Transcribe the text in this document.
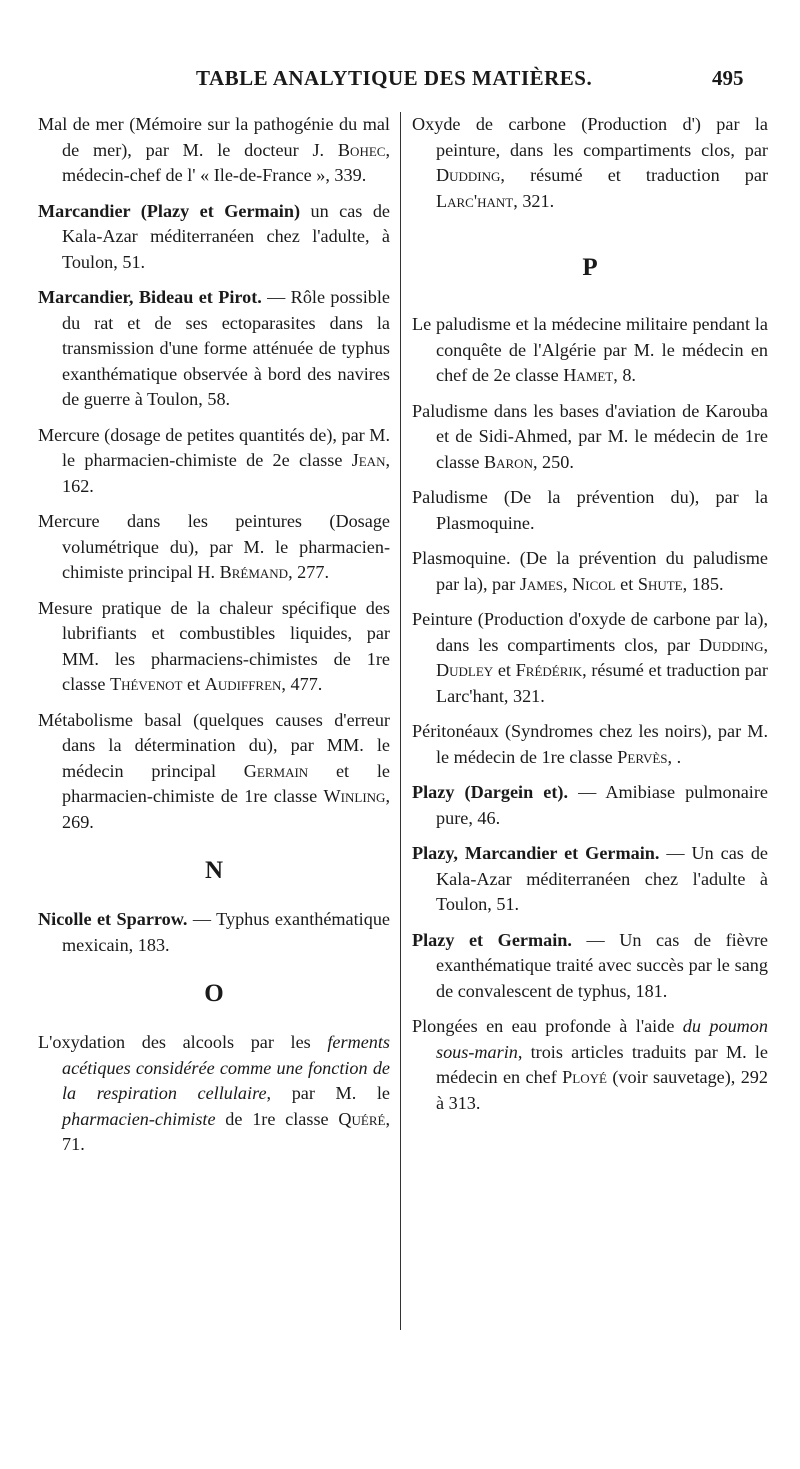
TABLE ANALYTIQUE DES MATIÈRES.	495

Mal de mer (Mémoire sur la pathogénie du mal de mer), par M. le docteur J. Bohec, médecin-chef de l' « Ile-de-France », 339.

Marcandier (Plazy et Germain) un cas de Kala-Azar méditerranéen chez l'adulte, à Toulon, 51.

Marcandier, Bideau et Pirot. — Rôle possible du rat et de ses ectoparasites dans la transmission d'une forme atténuée de typhus exanthématique observée à bord des navires de guerre à Toulon, 58.

Mercure (dosage de petites quantités de), par M. le pharmacien-chimiste de 2e classe Jean, 162.

Mercure dans les peintures (Dosage volumétrique du), par M. le pharmacien-chimiste principal H. Brémand, 277.

Mesure pratique de la chaleur spécifique des lubrifiants et combustibles liquides, par MM. les pharmaciens-chimistes de 1re classe Thévenot et Audiffren, 477.

Métabolisme basal (quelques causes d'erreur dans la détermination du), par MM. le médecin principal Germain et le pharmacien-chimiste de 1re classe Winling, 269.

N

Nicolle et Sparrow. — Typhus exanthématique mexicain, 183.

O

L'oxydation des alcools par les ferments acétiques considérée comme une fonction de la respiration cellulaire, par M. le pharmacien-chimiste de 1re classe Quéré, 71.

Oxyde de carbone (Production d') par la peinture, dans les compartiments clos, par Dudding, résumé et traduction par Larc'hant, 321.

P

Le paludisme et la médecine militaire pendant la conquête de l'Algérie par M. le médecin en chef de 2e classe Hamet, 8.

Paludisme dans les bases d'aviation de Karouba et de Sidi-Ahmed, par M. le médecin de 1re classe Baron, 250.

Paludisme (De la prévention du), par la Plasmoquine.

Plasmoquine. (De la prévention du paludisme par la), par James, Nicol et Shute, 185.

Peinture (Production d'oxyde de carbone par la), dans les compartiments clos, par Dudding, Dudley et Frédérik, résumé et traduction par Larc'hant, 321.

Péritonéaux (Syndromes chez les noirs), par M. le médecin de 1re classe Pervès, .

Plazy (Dargein et). — Amibiase pulmonaire pure, 46.

Plazy, Marcandier et Germain. — Un cas de Kala-Azar méditerranéen chez l'adulte à Toulon, 51.

Plazy et Germain. — Un cas de fièvre exanthématique traité avec succès par le sang de convalescent de typhus, 181.

Plongées en eau profonde à l'aide du poumon sous-marin, trois articles traduits par M. le médecin en chef Ployé (voir sauvetage), 292 à 313.
